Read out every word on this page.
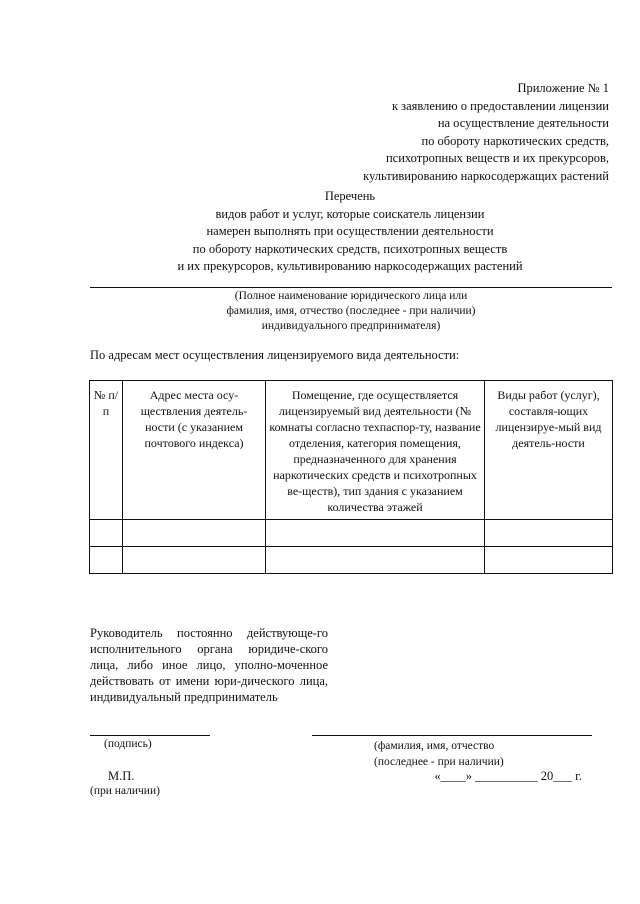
Приложение № 1
к заявлению о предоставлении лицензии
на осуществление деятельности
по обороту наркотических средств,
психотропных веществ и их прекурсоров,
культивированию наркосодержащих растений
Перечень
видов работ и услуг, которые соискатель лицензии
намерен выполнять при осуществлении деятельности
по обороту наркотических средств, психотропных веществ
и их прекурсоров, культивированию наркосодержащих растений
(Полное наименование юридического лица или
фамилия, имя, отчество (последнее - при наличии)
индивидуального предпринимателя)
По адресам мест осуществления лицензируемого вида деятельности:
№ п/п	Адрес места осу-ществления деятель-ности (с указанием почтового индекса)	Помещение, где осуществляется лицензируемый вид деятельности (№ комнаты согласно техпаспор-ту, название отделения, категория помещения, предназначенного для хранения наркотических средств и психотропных ве-ществ), тип здания с указанием количества этажей	Виды работ (услуг), составля-ющих лицензируе-мый вид деятель-ности

Руководитель постоянно действующе-го исполнительного органа юридиче-ского лица, либо иное лицо, уполно-моченное действовать от имени юри-дического лица, индивидуальный предприниматель
(подпись)	(фамилия, имя, отчество
(последнее - при наличии)
М.П.
(при наличии)
«____» __________ 20___ г.
